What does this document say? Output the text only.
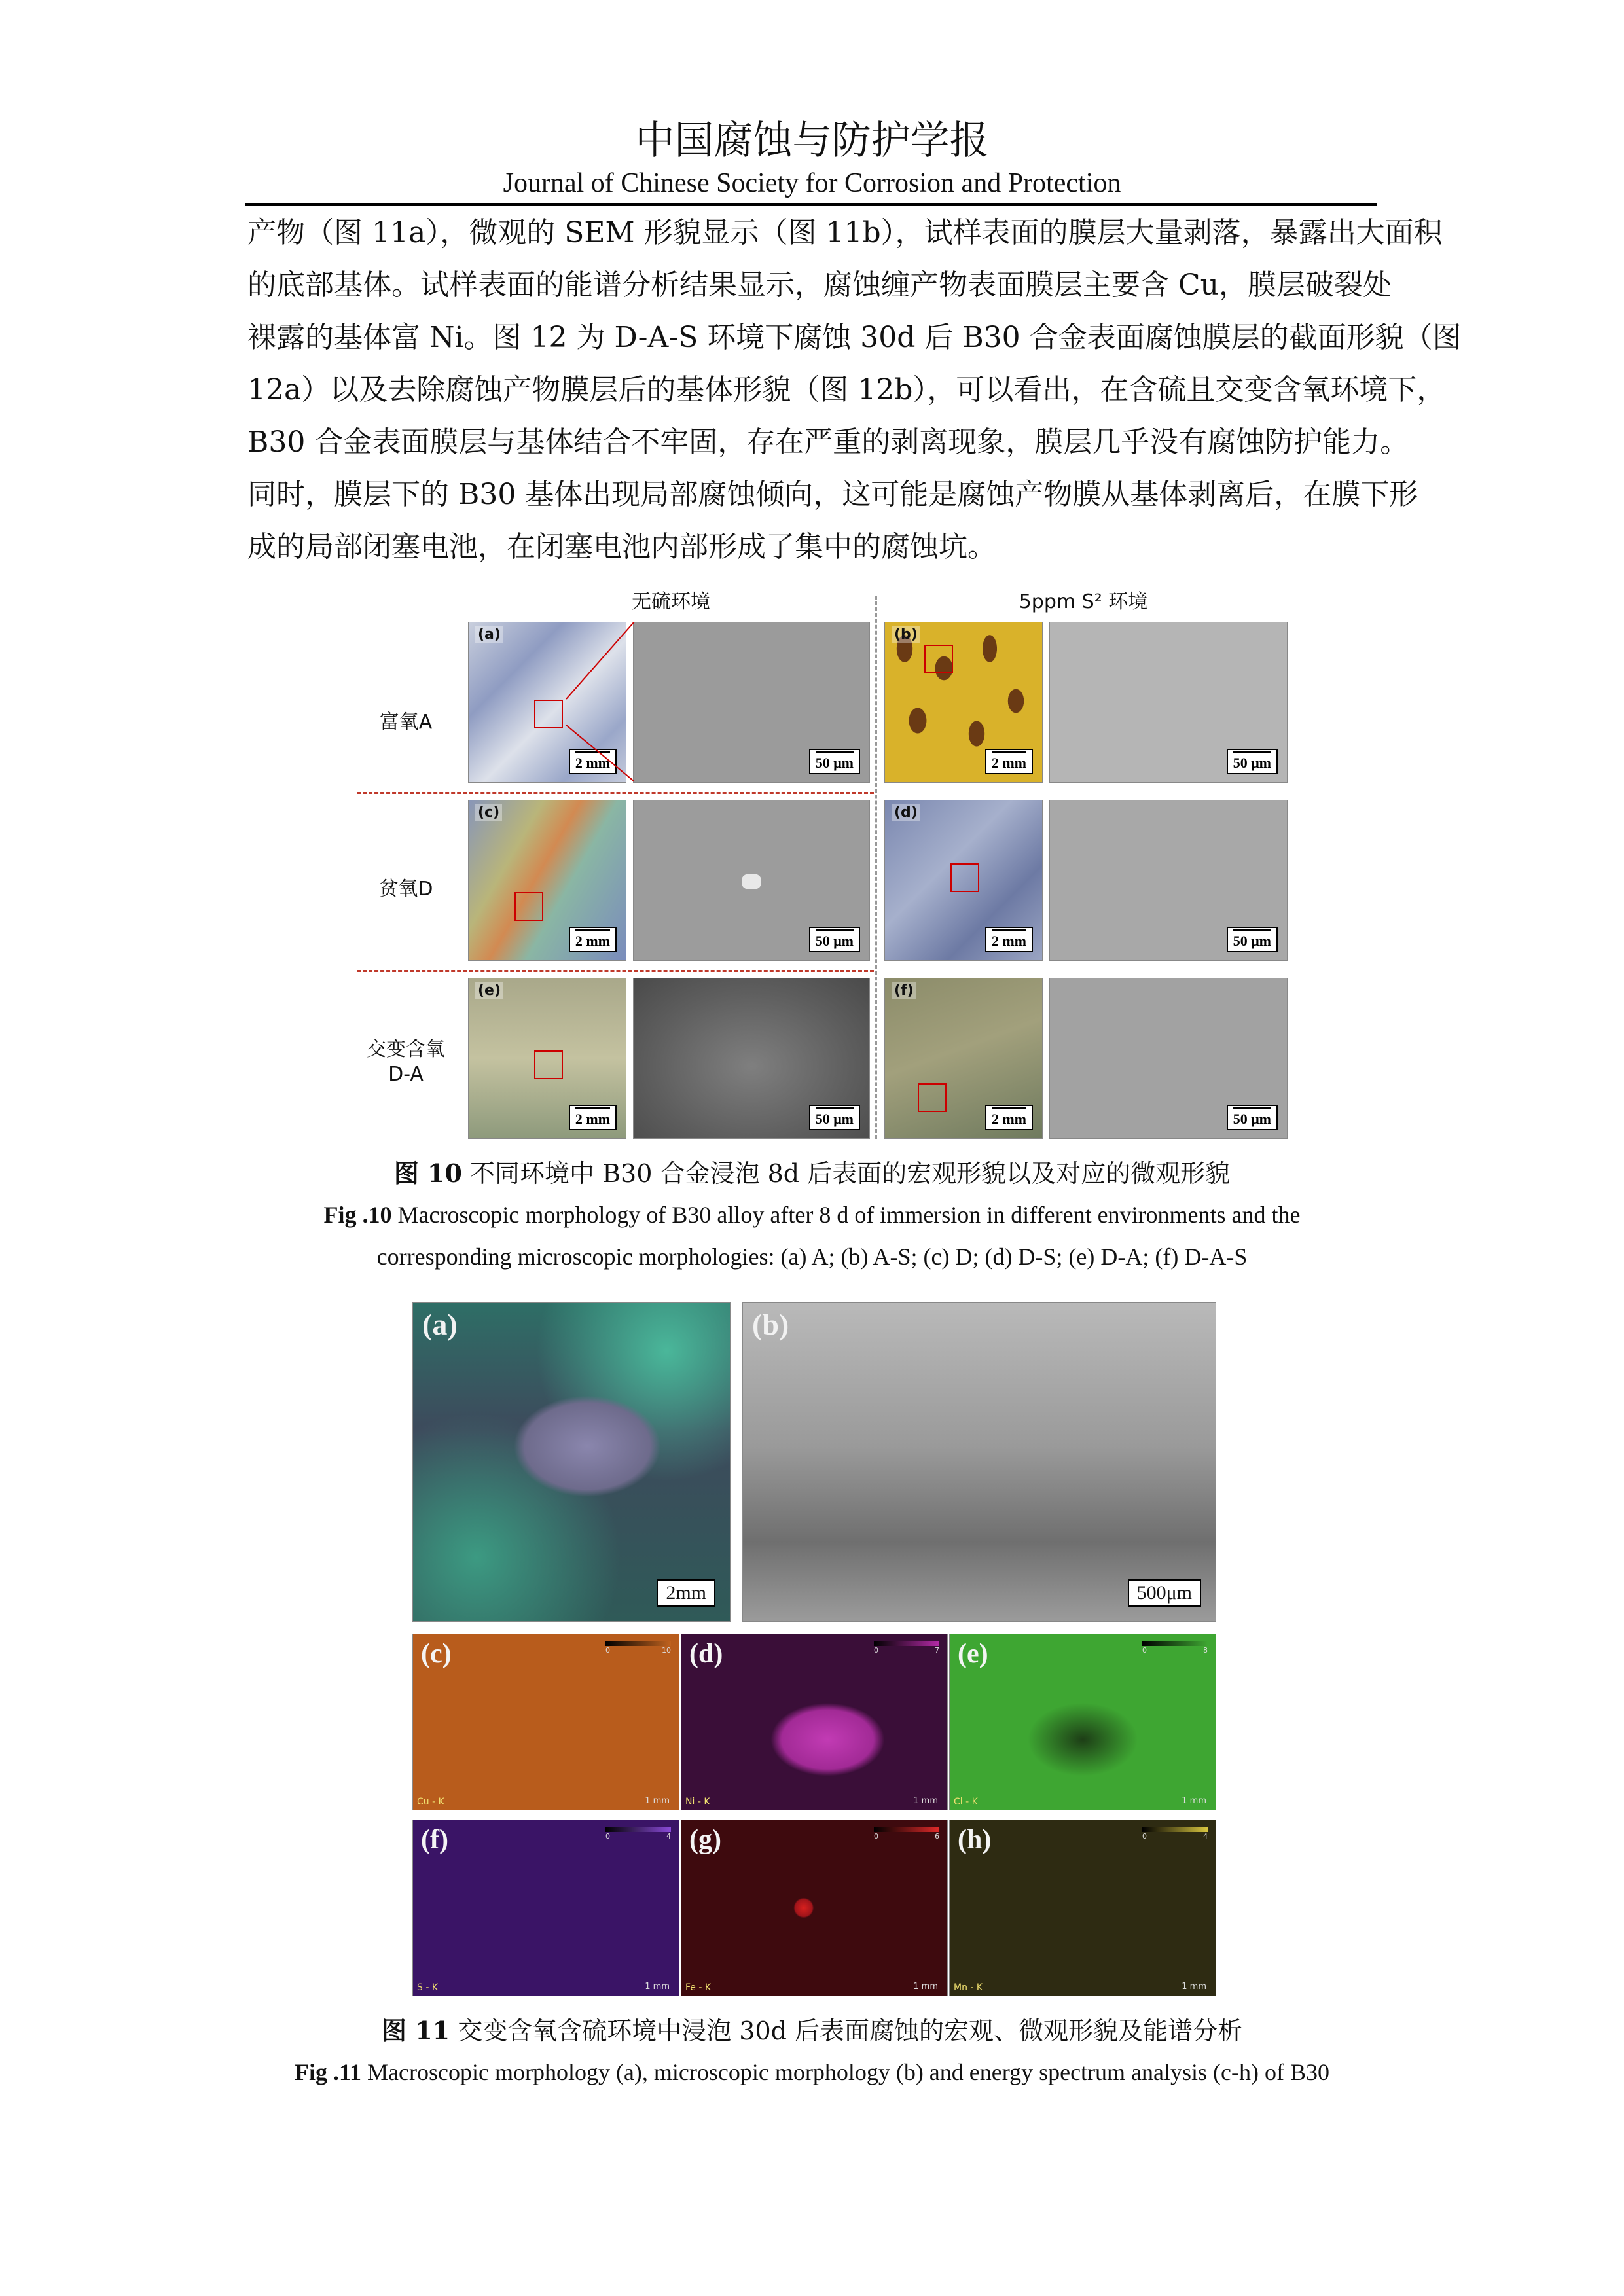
中国腐蚀与防护学报
Journal of Chinese Society for Corrosion and Protection
产物（图 11a），微观的 SEM 形貌显示（图 11b），试样表面的膜层大量剥落，暴露出大面积
的底部基体。试样表面的能谱分析结果显示，腐蚀缠产物表面膜层主要含 Cu，膜层破裂处
裸露的基体富 Ni。图 12 为 D-A-S 环境下腐蚀 30d 后 B30 合金表面腐蚀膜层的截面形貌（图
12a）以及去除腐蚀产物膜层后的基体形貌（图 12b），可以看出，在含硫且交变含氧环境下，
B30 合金表面膜层与基体结合不牢固，存在严重的剥离现象，膜层几乎没有腐蚀防护能力。
同时，膜层下的 B30 基体出现局部腐蚀倾向，这可能是腐蚀产物膜从基体剥离后，在膜下形
成的局部闭塞电池，在闭塞电池内部形成了集中的腐蚀坑。
无硫环境	5ppm S² 环境
富氧A
(a)
2 mm	50 μm
(b)
2 mm	50 μm
贫氧D
(c)
2 mm	50 μm
(d)
2 mm	50 μm
交变含氧
D-A
(e)
2 mm	50 μm
(f)
2 mm	50 μm
图 10 不同环境中 B30 合金浸泡 8d 后表面的宏观形貌以及对应的微观形貌
Fig .10 Macroscopic morphology of B30 alloy after 8 d of immersion in different environments and the
corresponding microscopic morphologies: (a) A; (b) A-S; (c) D; (d) D-S; (e) D-A; (f) D-A-S
(a)
2mm
(b)
500μm
(c)	0	10
Cu - K	1 mm
(d)	0	7
Ni - K	1 mm
(e)	0	8
Cl - K	1 mm
(f)	0	4
S - K	1 mm
(g)	0	6
Fe - K	1 mm
(h)	0	4
Mn - K	1 mm
图 11 交变含氧含硫环境中浸泡 30d 后表面腐蚀的宏观、微观形貌及能谱分析
Fig .11 Macroscopic morphology (a), microscopic morphology (b) and energy spectrum analysis (c-h) of B30
